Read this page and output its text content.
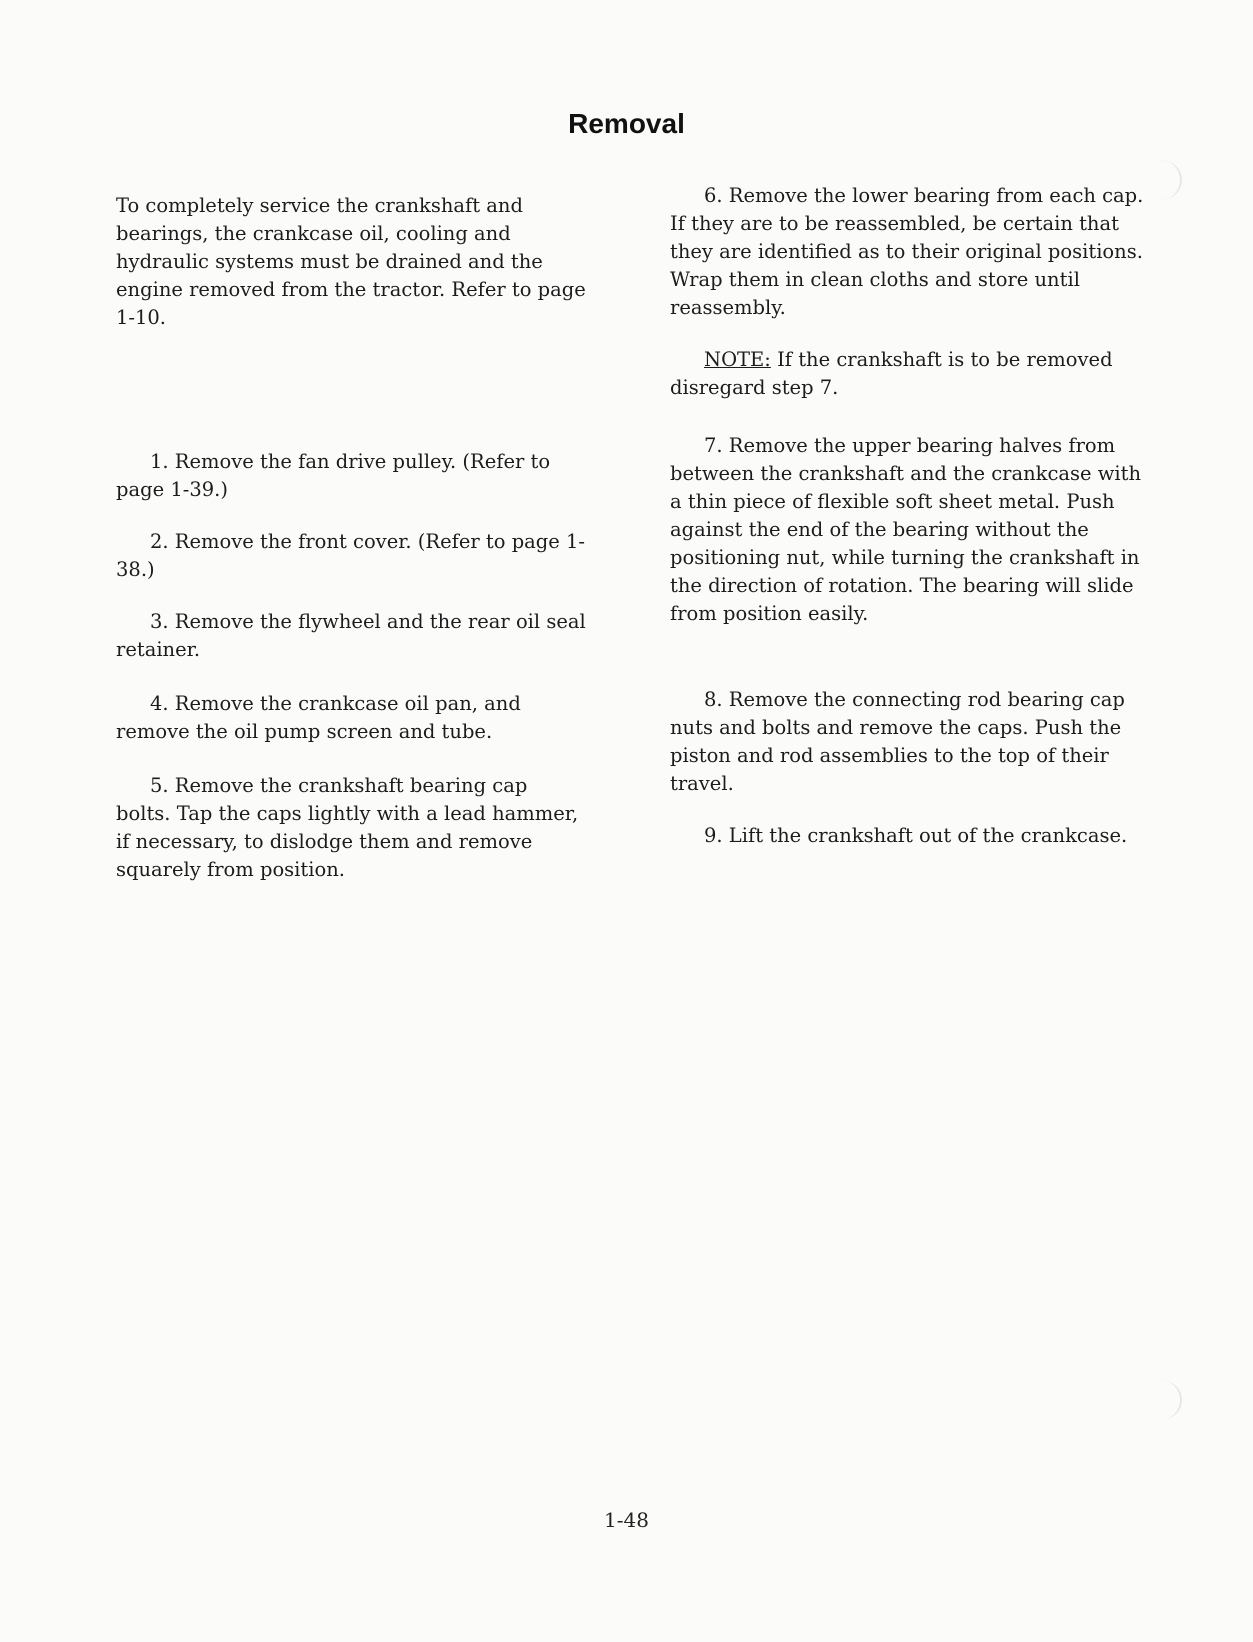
Removal
To completely service the crankshaft and bearings, the crankcase oil, cooling and hydraulic systems must be drained and the engine removed from the tractor. Refer to page 1-10.
1. Remove the fan drive pulley. (Refer to page 1-39.)
2. Remove the front cover. (Refer to page 1-38.)
3. Remove the flywheel and the rear oil seal retainer.
4. Remove the crankcase oil pan, and remove the oil pump screen and tube.
5. Remove the crankshaft bearing cap bolts. Tap the caps lightly with a lead hammer, if necessary, to dislodge them and remove squarely from position.
6. Remove the lower bearing from each cap. If they are to be reassembled, be certain that they are identified as to their original positions. Wrap them in clean cloths and store until reassembly.
NOTE: If the crankshaft is to be removed disregard step 7.
7. Remove the upper bearing halves from between the crankshaft and the crankcase with a thin piece of flexible soft sheet metal. Push against the end of the bearing without the positioning nut, while turning the crankshaft in the direction of rotation. The bearing will slide from position easily.
8. Remove the connecting rod bearing cap nuts and bolts and remove the caps. Push the piston and rod assemblies to the top of their travel.
9. Lift the crankshaft out of the crankcase.
1-48
